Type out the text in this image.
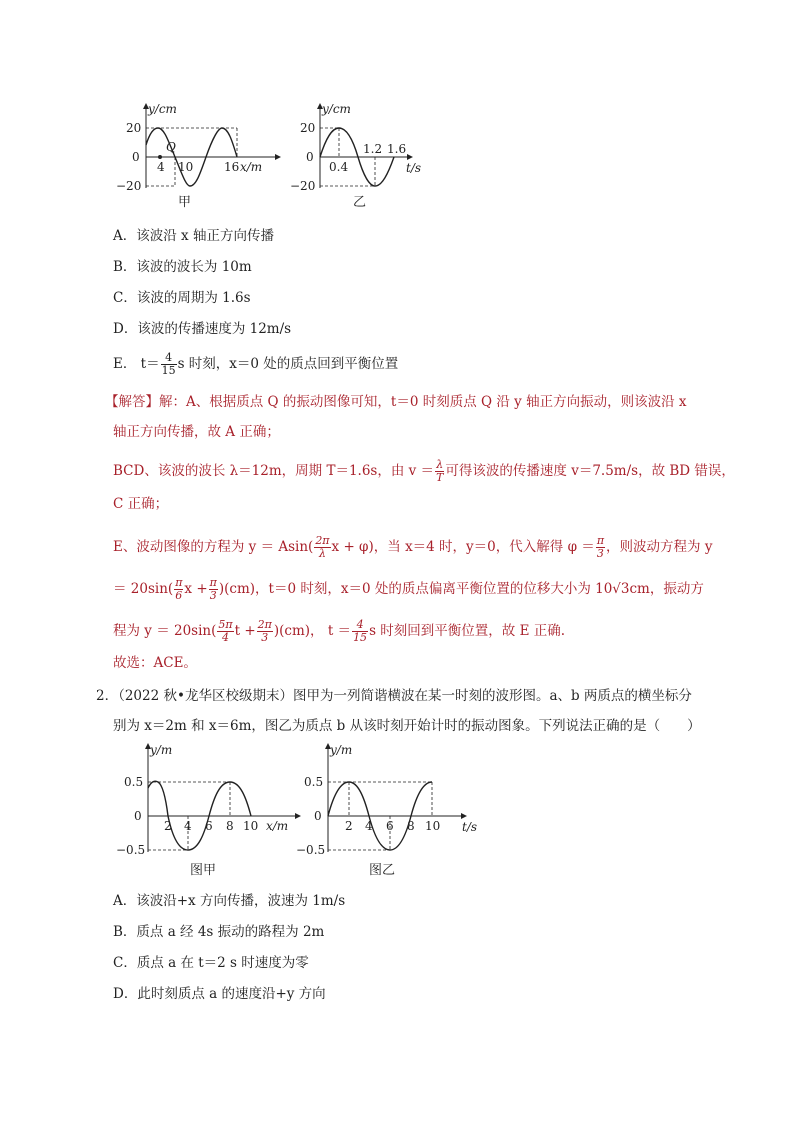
y/cm
20
0
−20
Q
4 10	16 x/m
甲
y/cm
20
0
−20
0.4
1.2 1.6
t/s
乙
A．该波沿 x 轴正方向传播
B．该波的波长为 10m
C．该波的周期为 1.6s
D．该波的传播速度为 12m/s
E． $t= \frac{4}{15}$ s 时刻，x＝0 处的质点回到平衡位置
【解答】解：A、根据质点 Q 的振动图像可知，t＝0 时刻质点 Q 沿 y 轴正方向振动，则该波沿 x
轴正方向传播，故 A 正确；
BCD、该波的波长 λ＝12m，周期 T＝1.6s，由 $v = \frac{\lambda}{T}$ 可得该波的传播速度 v＝7.5m/s，故 BD 错误，
C 正确；
E、波动图像的方程为 $y = Asin( \frac{2\pi}{\lambda}$ x + φ)，当 x＝4 时，y＝0，代入解得 $\varphi = \frac{\pi}{3}$ ，则波动方程为 y
＝ $20\sin( \frac{\pi}{6}$ $x + \frac{\pi}{3} )(cm)$，t＝0 时刻，x＝0 处的质点偏离平衡位置的位移大小为 10√3cm，振动方
程为 $y = 20\sin( \frac{5\pi}{4}$ $t + \frac{2\pi}{3} )(cm)$， $t = \frac{4}{15}$ s 时刻回到平衡位置，故 E 正确.
故选：ACE。
2．（2022 秋•龙华区校级期末）图甲为一列简谐横波在某一时刻的波形图。a、b 两质点的横坐标分
别为 x＝2m 和 x＝6m，图乙为质点 b 从该时刻开始计时的振动图象。下列说法正确的是（　　）
y/m
0.5
0
−0.5
2 4 6 8 10 x/m
图甲
y/m
0.5
0
−0.5
2 4 6 8 10 t/s
图乙
A．该波沿+x 方向传播，波速为 1m/s
B．质点 a 经 4s 振动的路程为 2m
C．质点 a 在 t＝2 s 时速度为零
D．此时刻质点 a 的速度沿+y 方向
